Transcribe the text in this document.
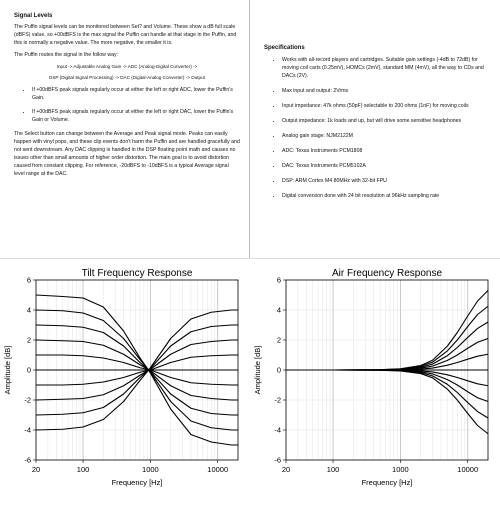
Signal Levels

The Puffin signal levels can be monitored between Set? and Volume. These show a dB full scale (dBFS) value, so +00dBFS is the max signal the Puffin can handle at that stage in the Puffin, and this is normally a negative value. The more negative, the smaller it is.

The Puffin routes the signal in the follow way:

Input -> Adjustable Analog Gain -> ADC (Analog-Digital Converter) ->
DSP (Digital Signal Processing) -> DAC (Digital-Analog Converter) -> Output
• If +00dBFS peak signals regularly occur at either the left or right ADC, lower the Puffin's Gain.
• If +00dBFS peak signals regularly occur at either the left or right DAC, lower the Puffin's Gain or Volume.

The Select button can change between the Average and Peak signal mode. Peaks can easily happen with vinyl pops, and these clip events don't harm the Puffin and are handled gracefully and not sent downstream. Any DAC clipping is handled in the DSP floating point math and causes no issues other than small amounts of higher order distortion. The main goal is to avoid distortion caused from constant clipping. For reference, -20dBFS to -10dBFS is a typical Average signal level range at the DAC.

Specifications
• Works with all-record players and cartridges. Suitable gain settings (-4dB to 72dB) for moving coil carts (0.25mV), HOMCs (2mV), standard MM (4mV), all the way to CDs and DACs (2V).
• Max input and output: 2Vrms
• Input impedance: 47k ohms (50pF) selectable to 200 ohms (1nF) for moving coils
• Output impedance: 1k loads and up, but will drive some sensitive headphones
• Analog gain stage: NJM2122M
• ADC: Texas Instruments PCM1808
• DAC: Texas Instruments PCM5102A
• DSP: ARM Cortex M4 80MHz with 32-bit FPU
• Digital conversion done with 24 bit resolution at 96kHz sampling rate
-6
-4
-2
0
2
4
6
20	100	1000	10000
Tilt Frequency Response
Frequency [Hz]
Amplitude [dB]
-6
-4
-2
0
2
4
6
20	100	1000	10000
Air Frequency Response
Frequency [Hz]
Amplitude [dB]
